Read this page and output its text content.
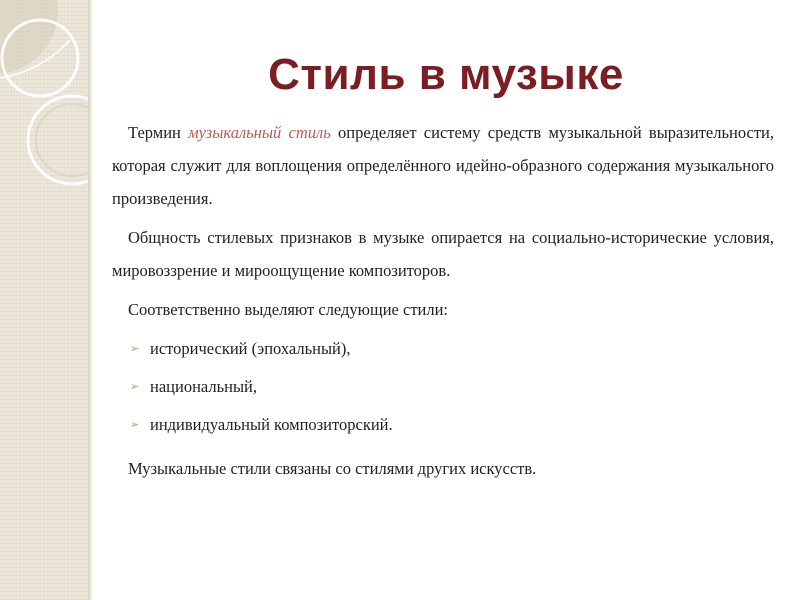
Стиль в музыке

Термин музыкальный стиль определяет систему средств музыкальной выразительности, которая служит для воплощения определённого идейно-образного содержания музыкального произведения.

Общность стилевых признаков в музыке опирается на социально-исторические условия, мировоззрение и мироощущение композиторов.

Соответственно выделяют следующие стили:

➢ исторический (эпохальный),
➢ национальный,
➢ индивидуальный композиторский.

Музыкальные стили связаны со стилями других искусств.
